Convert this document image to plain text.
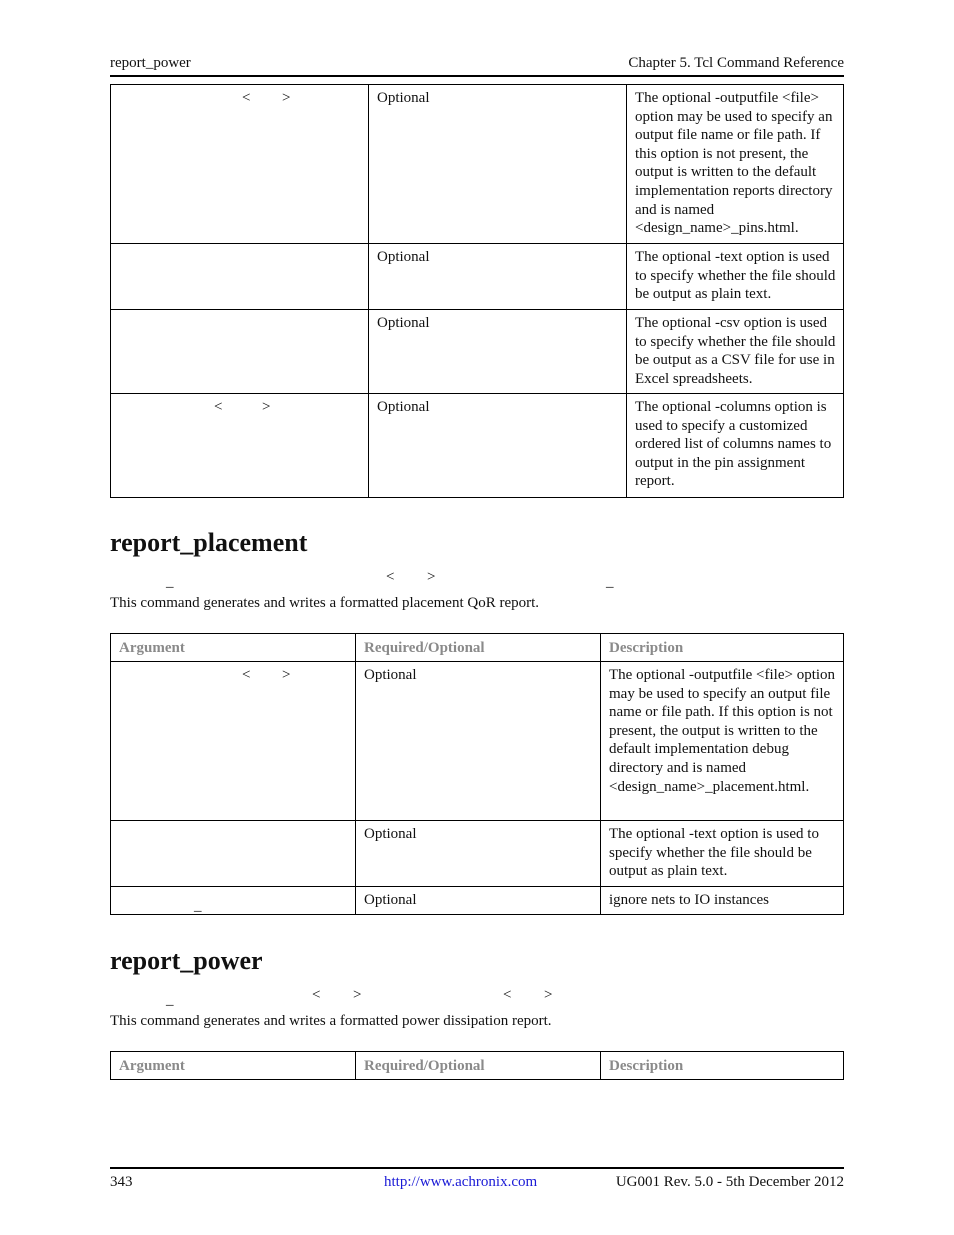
report_power	Chapter 5. Tcl Command Reference
< >	Optional	The optional -outputfile <file> option may be used to specify an output file name or file path. If this option is not present, the output is written to the default implementation reports directory and is named <design_name>_pins.html.
	Optional	The optional -text option is used to specify whether the file should be output as plain text.
	Optional	The optional -csv option is used to specify whether the file should be output as a CSV file for use in Excel spreadsheets.

< >	Optional	The optional -columns option is used to specify a customized ordered list of columns names to output in the pin assignment report.
report_placement
_	< >	_
This command generates and writes a formatted placement QoR report.
Argument	Required/Optional	Description

< >	Optional	The optional -outputfile <file> option may be used to specify an output file name or file path. If this option is not present, the output is written to the default implementation debug directory and is named <design_name>_placement.html.
	Optional	The optional -text option is used to specify whether the file should be output as plain text.

_	Optional	ignore nets to IO instances
report_power
_	< >	< >
This command generates and writes a formatted power dissipation report.
Argument	Required/Optional	Description
343	http://www.achronix.com	UG001 Rev. 5.0 - 5th December 2012
